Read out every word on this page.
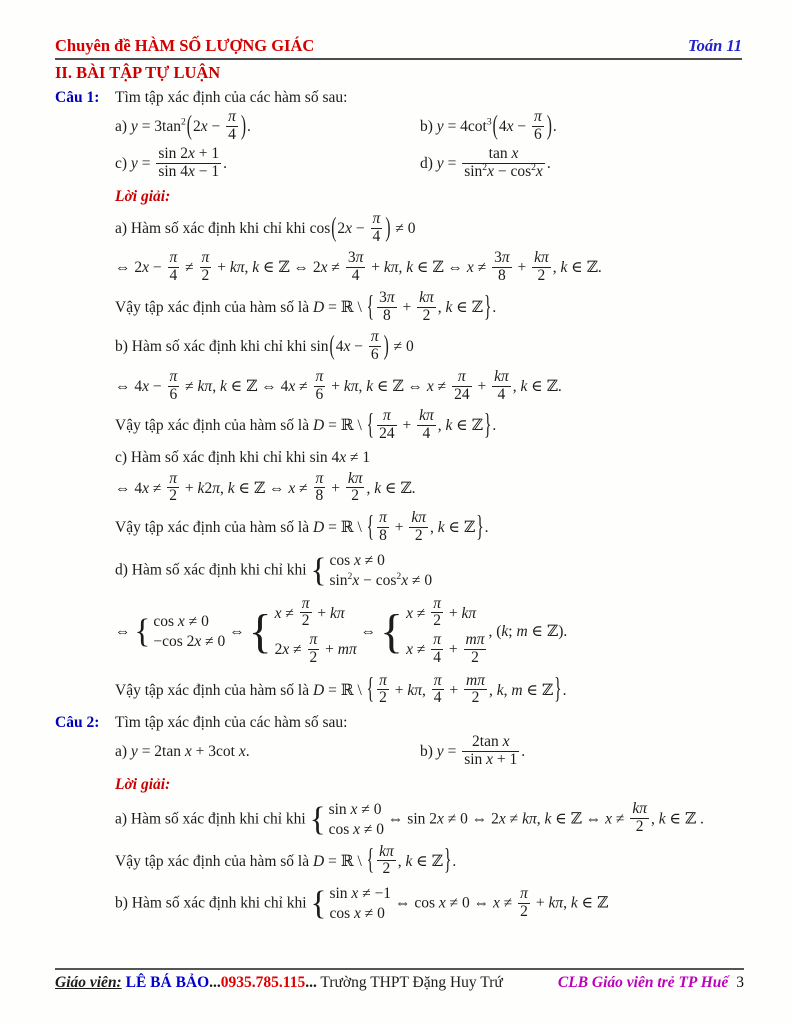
Chuyên đề HÀM SỐ LƯỢNG GIÁC	Toán 11
II. BÀI TẬP TỰ LUẬN
Câu 1:	Tìm tập xác định của các hàm số sau:
a) $y = 3\tan^2(2x - \frac{\pi}{4}$ ).	b) $y = 4\cot^3(4x - \frac{\pi}{6}$ ).
c) $y = \frac{\sin 2x + 1}{\sin 4x - 1}$ .	d) $y = \frac{\text{tan x}}{\sin^2x - \cos^2x}$ .
Lời giải:
a) Hàm số xác định khi chỉ khi $\cos(2x - \frac{\pi}{4}$ ) ≠ 0
⇔ $2x - \frac{\pi}{4} \ne \frac{\pi}{2} + k\pi$, k ∈ ℤ ⇔ $2x \ne \frac{3\pi}{4} + k\pi$, k ∈ ℤ ⇔ $x \ne \frac{3\pi}{8} + \frac{k\pi}{2}$ , k ∈ ℤ.
Vậy tập xác định của hàm số là D = ℝ \ { $\frac{3\pi}{8} + \frac{k\pi}{2}$ , k ∈ ℤ}.
b) Hàm số xác định khi chỉ khi $\sin(4x - \frac{\pi}{6}$ ) ≠ 0
⇔ $4x - \frac{\pi}{6} \ne k\pi$, k ∈ ℤ ⇔ $4x \ne \frac{\pi}{6} + k\pi$, k ∈ ℤ ⇔ $x \ne \frac{\pi}{24} + \frac{k\pi}{4}$ , k ∈ ℤ.
Vậy tập xác định của hàm số là D = ℝ \ { $\frac{\pi}{24} + \frac{k\pi}{4}$ , k ∈ ℤ}.
c) Hàm số xác định khi chỉ khi sin 4x ≠ 1
⇔ $4x \ne \frac{\pi}{2} + k2\pi$, k ∈ ℤ ⇔ $x \ne \frac{\pi}{8} + \frac{k\pi}{2}$ , k ∈ ℤ.
Vậy tập xác định của hàm số là D = ℝ \ { $\frac{\pi}{8} + \frac{k\pi}{2}$ , k ∈ ℤ}.
d) Hàm số xác định khi chỉ khi { cos x ≠ 0
$\sin^2x - \cos^2x \ne 0$
⇔ { cos x ≠ 0
−cos 2x ≠ 0
⇔ { $x \ne \frac{\pi}{2} + k\pi$
$2x \ne \frac{\pi}{2} + m\pi$
⇔ { $x \ne \frac{\pi}{2} + k\pi$
$x \ne \frac{\pi}{4} + \frac{m\pi}{2}$
, (k; m ∈ ℤ).
Vậy tập xác định của hàm số là D = ℝ \ { $\frac{\pi}{2} + k\pi$, $\frac{\pi}{4} + \frac{m\pi}{2}$ , k, m ∈ ℤ}.
Câu 2:	Tìm tập xác định của các hàm số sau:
a) y = 2tan x + 3cot x.	b) $y = \frac{\text{2tan x}}{\text{sin x + 1}}$ .
Lời giải:
a) Hàm số xác định khi chỉ khi { sin x ≠ 0
cos x ≠ 0
⇔ sin 2x ≠ 0 ⇔ 2x ≠ kπ, k ∈ ℤ ⇔ $x \ne \frac{k\pi}{2}$ , k ∈ ℤ .
Vậy tập xác định của hàm số là D = ℝ \ { $\frac{k\pi}{2}$ , k ∈ ℤ}.
b) Hàm số xác định khi chỉ khi { sin x ≠ −1
cos x ≠ 0
⇔ cos x ≠ 0 ⇔ $x \ne \frac{\pi}{2} + k\pi$, k ∈ ℤ
Giáo viên: LÊ BÁ BẢO...0935.785.115... Trường THPT Đặng Huy Trứ	CLB Giáo viên trẻ TP Huế 3
